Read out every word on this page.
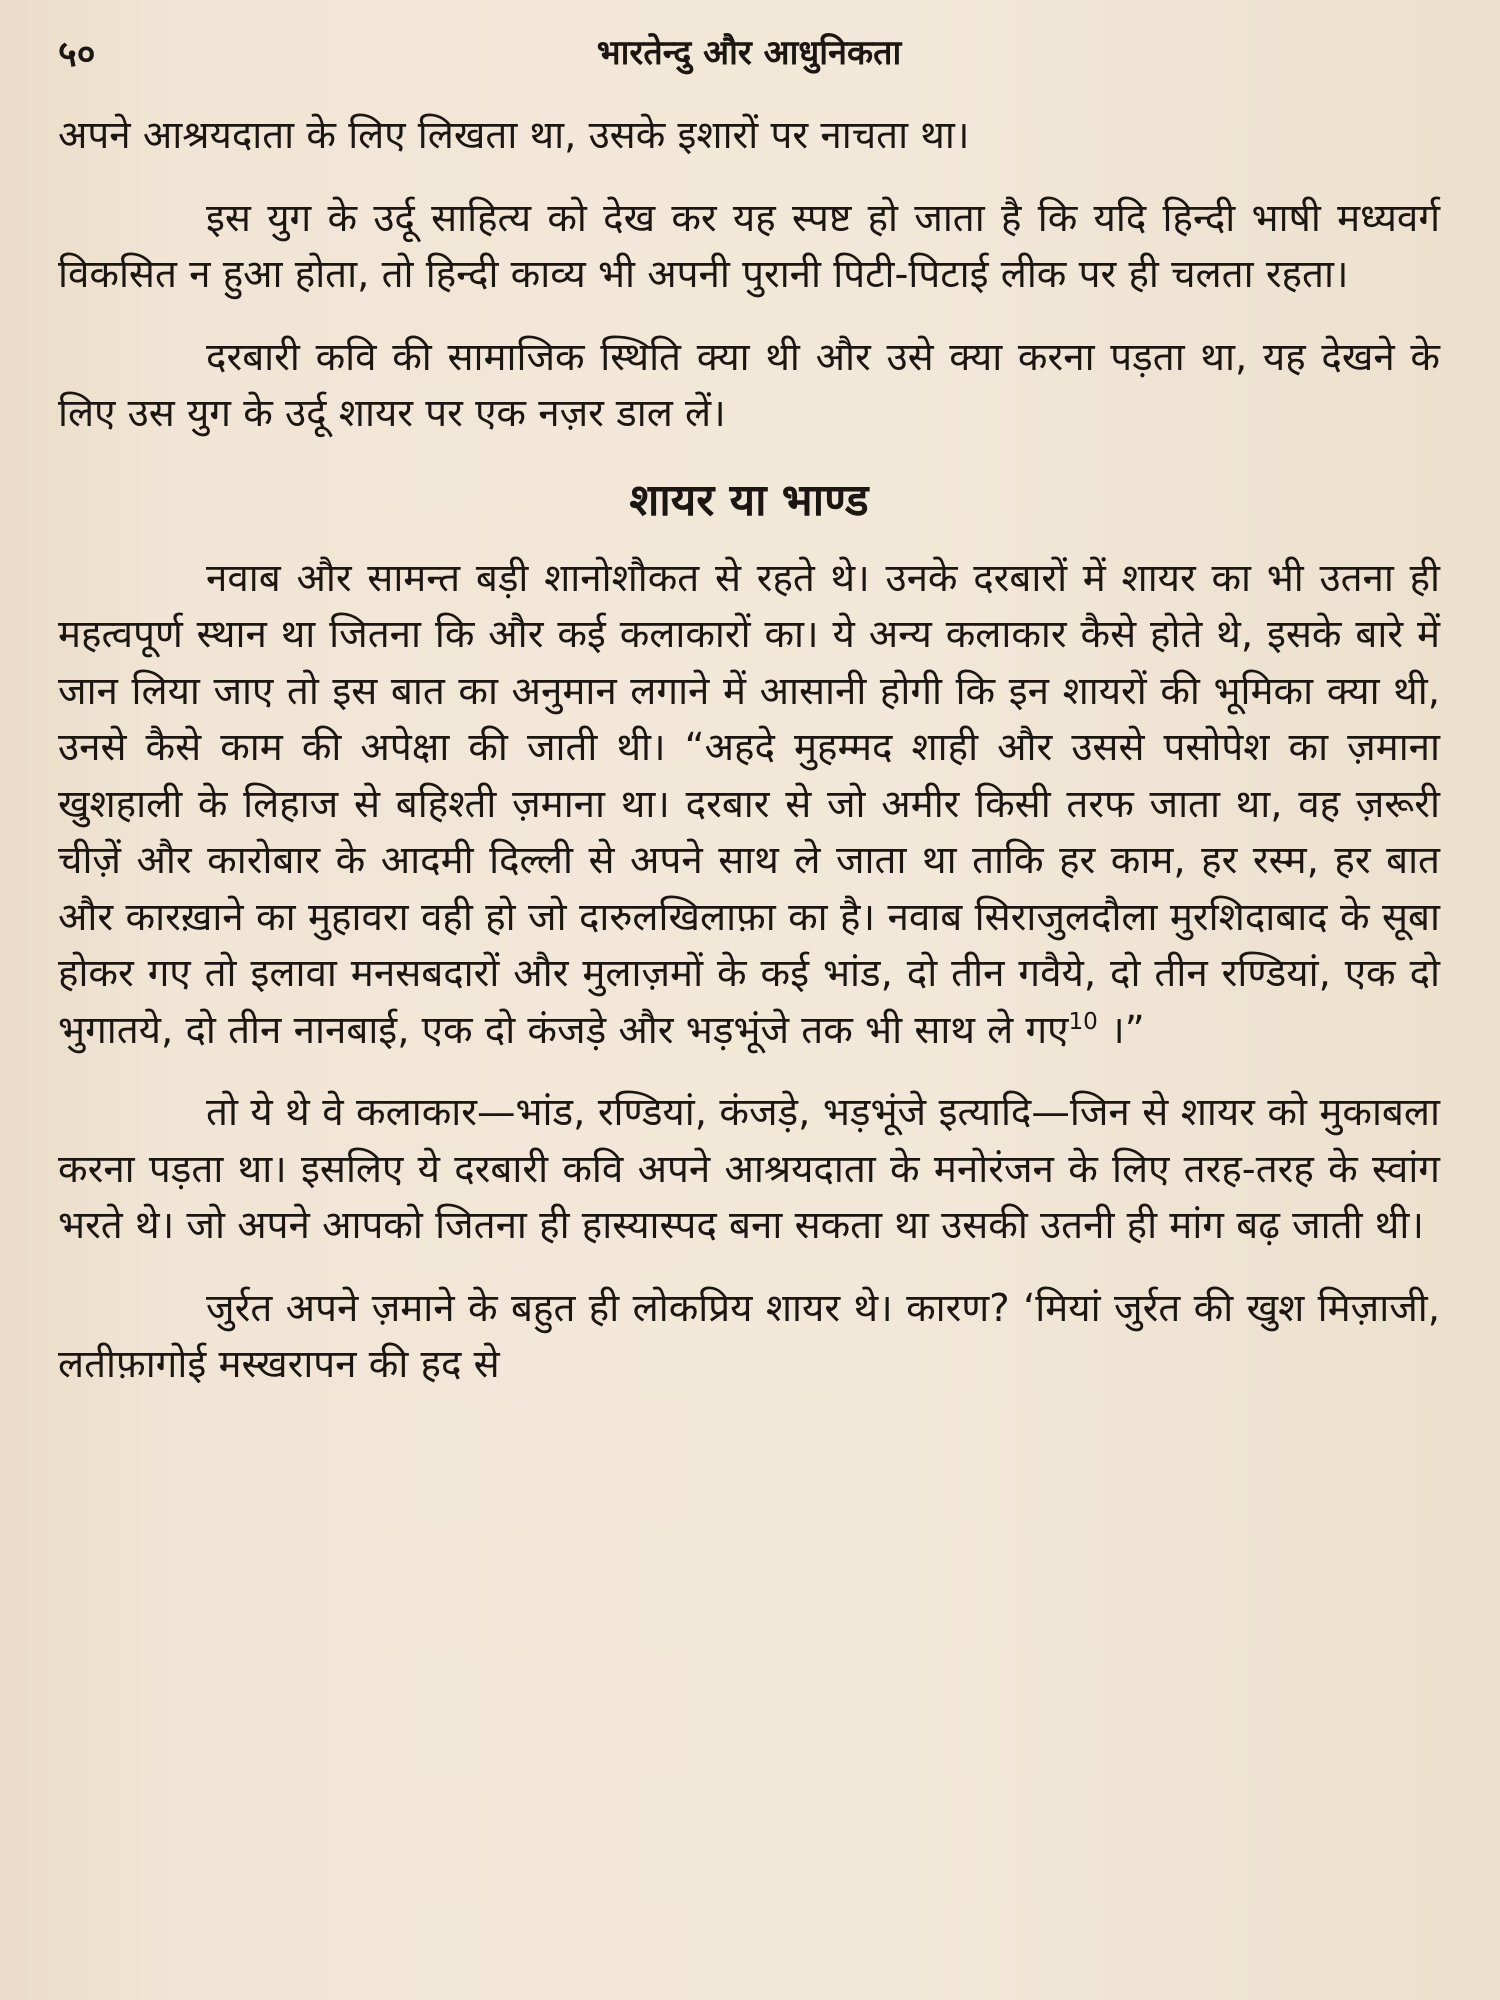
५०	भारतेन्दु और आधुनिकता

अपने आश्रयदाता के लिए लिखता था, उसके इशारों पर नाचता था।

इस युग के उर्दू साहित्य को देख कर यह स्पष्ट हो जाता है कि यदि हिन्दी भाषी मध्यवर्ग विकसित न हुआ होता, तो हिन्दी काव्य भी अपनी पुरानी पिटी-पिटाई लीक पर ही चलता रहता।

दरबारी कवि की सामाजिक स्थिति क्या थी और उसे क्या करना पड़ता था, यह देखने के लिए उस युग के उर्दू शायर पर एक नज़र डाल लें।

शायर या भाण्ड

नवाब और सामन्त बड़ी शानोशौकत से रहते थे। उनके दरबारों में शायर का भी उतना ही महत्वपूर्ण स्थान था जितना कि और कई कलाकारों का। ये अन्य कलाकार कैसे होते थे, इसके बारे में जान लिया जाए तो इस बात का अनुमान लगाने में आसानी होगी कि इन शायरों की भूमिका क्या थी, उनसे कैसे काम की अपेक्षा की जाती थी। “अहदे मुहम्मद शाही और उससे पसोपेश का ज़माना खुशहाली के लिहाज से बहिश्ती ज़माना था। दरबार से जो अमीर किसी तरफ जाता था, वह ज़रूरी चीज़ें और कारोबार के आदमी दिल्ली से अपने साथ ले जाता था ताकि हर काम, हर रस्म, हर बात और कारख़ाने का मुहावरा वही हो जो दारुलखिलाफ़ा का है। नवाब सिराजुलदौला मुरशिदाबाद के सूबा होकर गए तो इलावा मनसबदारों और मुलाज़मों के कई भांड, दो तीन गवैये, दो तीन रण्डियां, एक दो भुगातये, दो तीन नानबाई, एक दो कंजड़े और भड़भूंजे तक भी साथ ले गए$^{10}$ ।”

तो ये थे वे कलाकार—भांड, रण्डियां, कंजड़े, भड़भूंजे इत्यादि—जिन से शायर को मुकाबला करना पड़ता था। इसलिए ये दरबारी कवि अपने आश्रयदाता के मनोरंजन के लिए तरह-तरह के स्वांग भरते थे। जो अपने आपको जितना ही हास्यास्पद बना सकता था उसकी उतनी ही मांग बढ़ जाती थी।

जुर्रत अपने ज़माने के बहुत ही लोकप्रिय शायर थे। कारण? ‘मियां जुर्रत की खुश मिज़ाजी, लतीफ़ागोई मस्खरापन की हद से
